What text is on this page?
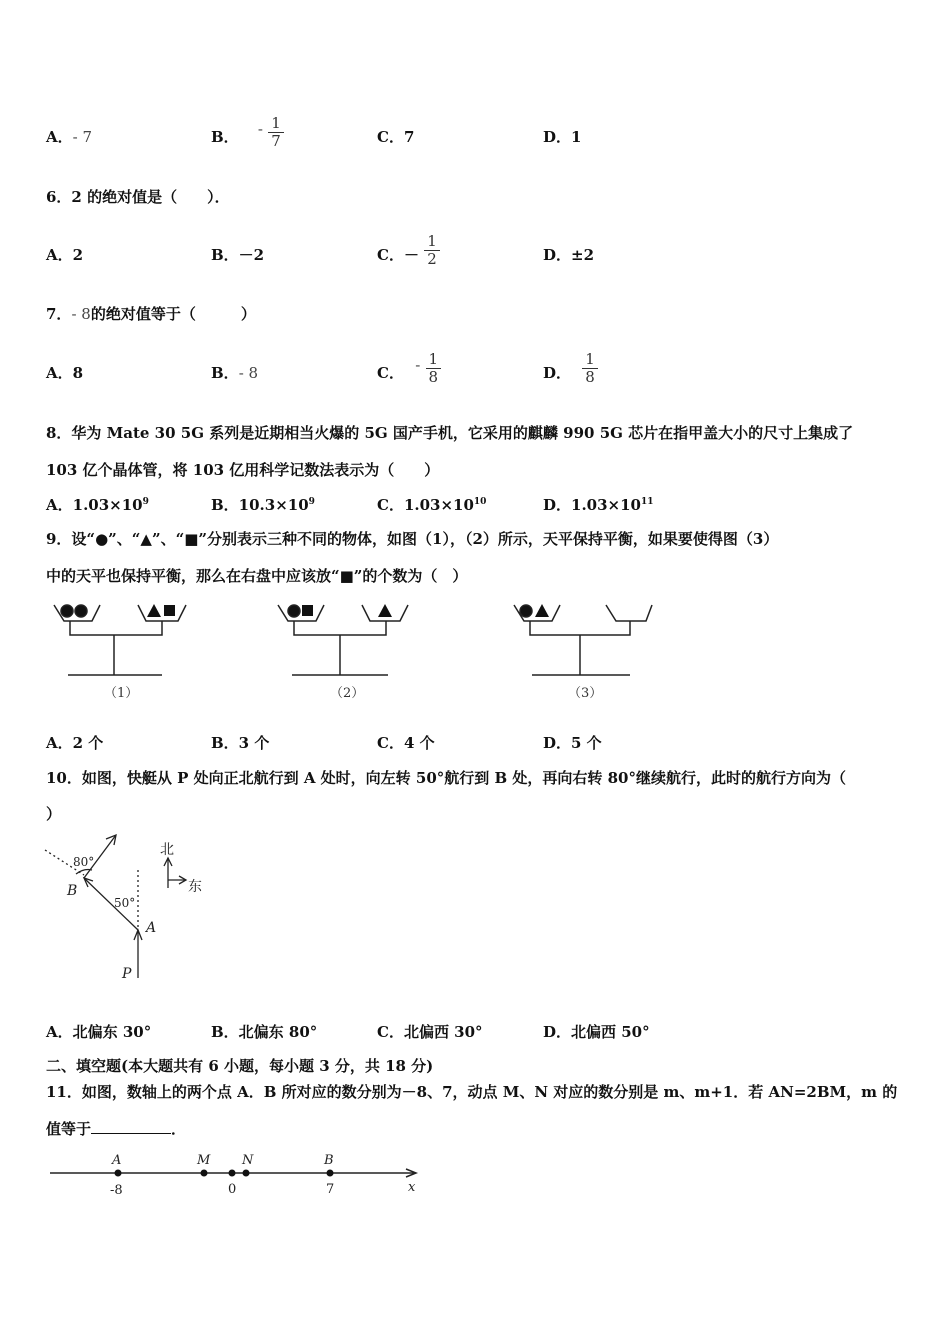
A．- 7	B． - $\frac{1}{7}$	C．7	D．1
6．2 的绝对值是（　　）．
A．2	B．－2	C．－ $\frac{1}{2}$	D．±2
7．- 8的绝对值等于（　　　）
A．8	B．- 8	C． - $\frac{1}{8}$	D． $\frac{1}{8}$
8．华为 Mate 30 5G 系列是近期相当火爆的 5G 国产手机，它采用的麒麟 990 5G 芯片在指甲盖大小的尺寸上集成了
103 亿个晶体管，将 103 亿用科学记数法表示为（　　）
A．$1.03\times 10^9$	B．$10.3\times 10^9$	C．$1.03\times 10^{10}$	D．$1.03\times 10^{11}$
9．设“●”、“▲”、“■”分别表示三种不同的物体，如图（1），（2）所示，天平保持平衡，如果要使得图（3）
中的天平也保持平衡，那么在右盘中应该放“■”的个数为（　）
（1）	（2）	（3）
A．2 个	B．3 个	C．4 个	D．5 个
10．如图，快艇从 P 处向正北航行到 A 处时，向左转 50°航行到 B 处，再向右转 80°继续航行，此时的航行方向为（
）
80°
50°
B
A
P
北
东
A．北偏东 30°	B．北偏东 80°	C．北偏西 30°	D．北偏西 50°
二、填空题(本大题共有 6 小题，每小题 3 分，共 18 分)
11．如图，数轴上的两个点 A．B 所对应的数分别为－8、7，动点 M、N 对应的数分别是 m、m+1．若 AN=2BM，m 的
值等于	．
A	M N	B
-8	0	7	x
